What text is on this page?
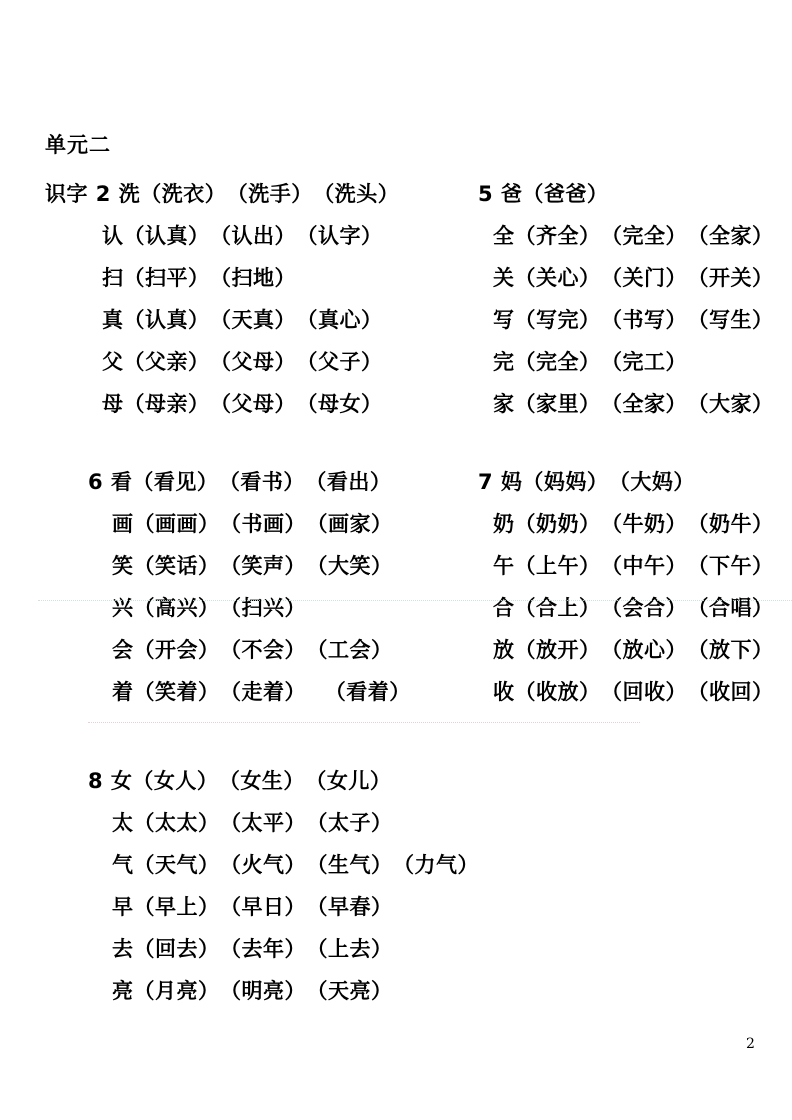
单元二
识字 2 洗（洗衣）　（洗手）　（洗头）
认（认真）　（认出）　（认字）
扫（扫平）　（扫地）
真（认真）　（天真）　（真心）
父（父亲）　（父母）　（父子）
母（母亲）　（父母）　（母女）
5 爸（爸爸）
全（齐全）　（完全）　（全家）
关（关心）　（关门）　（开关）
写（写完）　（书写）　（写生）
完（完全）　（完工）
家（家里）　（全家）　（大家）
6 看（看见）　（看书）　（看出）
画（画画）　（书画）　（画家）
笑（笑话）　（笑声）　（大笑）
兴（高兴）　（扫兴）
会（开会）　（不会）　（工会）
着（笑着）　（走着）　 （看着）
7 妈（妈妈）　（大妈）
奶（奶奶）　（牛奶）　（奶牛）
午（上午）　（中午）　（下午）
合（合上）　（会合）　（合唱）
放（放开）　（放心）　（放下）
收（收放）　（回收）　（收回）
8 女（女人）　（女生）　（女儿）
太（太太）　（太平）　（太子）
气（天气）　（火气）　（生气）　（力气）
早（早上）　（早日）　（早春）
去（回去）　（去年）　（上去）
亮（月亮）　（明亮）　（天亮）
2
